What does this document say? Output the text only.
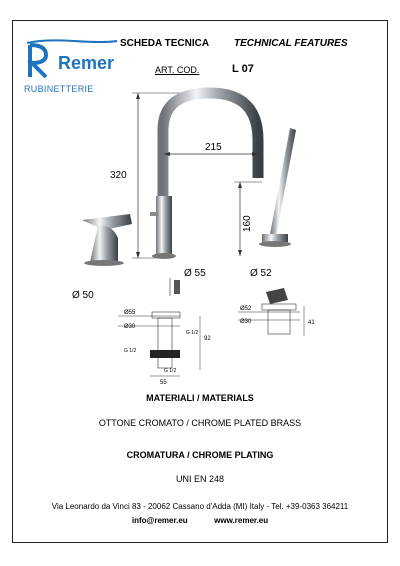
Remer
RUBINETTERIE
SCHEDA TECNICA TECHNICAL FEATURES
ART. COD.	L 07
320
215
160
Ø 55	Ø 52
Ø 50
Ø55
Ø30
92
55
G 1/2
G 1/2
G 1/2
Ø52
Ø30	41
MATERIALI / MATERIALS
OTTONE CROMATO / CHROME PLATED BRASS
CROMATURA / CHROME PLATING
UNI EN 248
Via Leonardo da Vinci 83 - 20062 Cassano d'Adda (MI) Italy - Tel. +39-0363 364211
info@remer.eu	www.remer.eu
